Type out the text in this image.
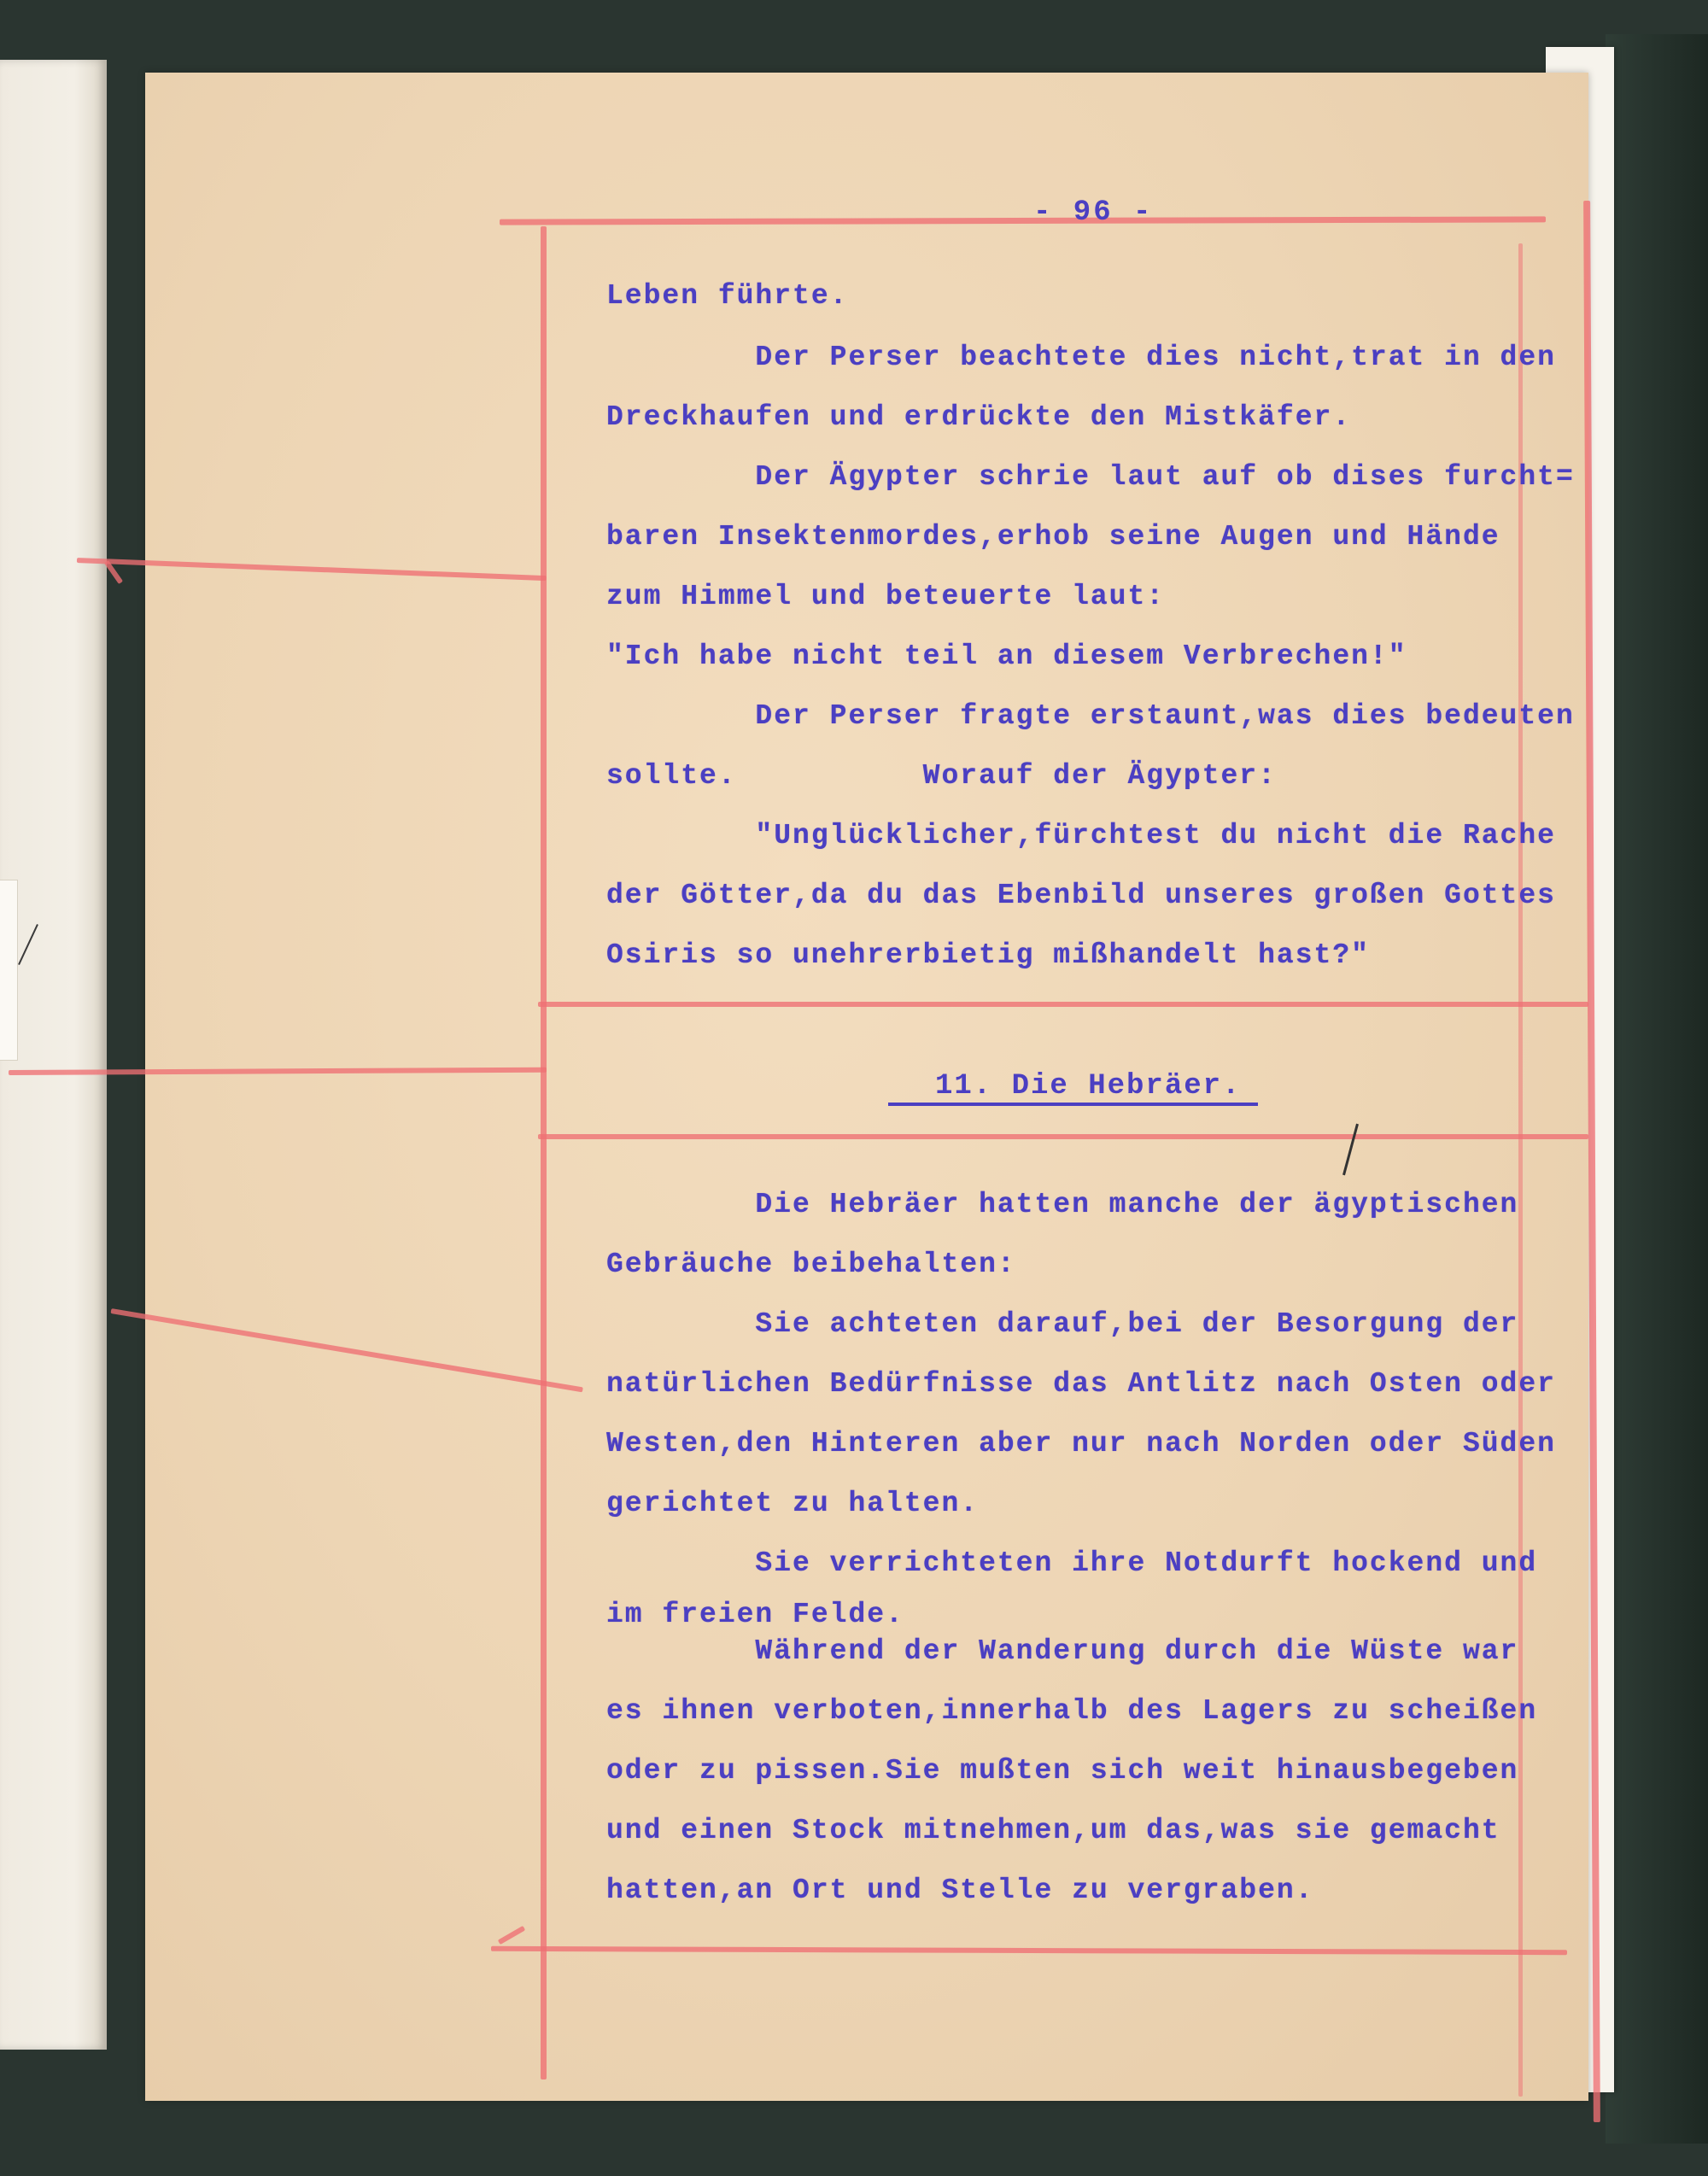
- 96 -
Leben führte.
Der Perser beachtete dies nicht,trat in den
Dreckhaufen und erdrückte den Mistkäfer.
Der Ägypter schrie laut auf ob dises furcht=
baren Insektenmordes,erhob seine Augen und Hände
zum Himmel und beteuerte laut:
"Ich habe nicht teil an diesem Verbrechen!"
Der Perser fragte erstaunt,was dies bedeuten
sollte.          Worauf der Ägypter:
"Unglücklicher,fürchtest du nicht die Rache
der Götter,da du das Ebenbild unseres großen Gottes
Osiris so unehrerbietig mißhandelt hast?"
Die Hebräer hatten manche der ägyptischen
Gebräuche beibehalten:
Sie achteten darauf,bei der Besorgung der
natürlichen Bedürfnisse das Antlitz nach Osten oder
Westen,den Hinteren aber nur nach Norden oder Süden
gerichtet zu halten.
Sie verrichteten ihre Notdurft hockend und
im freien Felde.
Während der Wanderung durch die Wüste war
es ihnen verboten,innerhalb des Lagers zu scheißen
oder zu pissen.Sie mußten sich weit hinausbegeben
und einen Stock mitnehmen,um das,was sie gemacht
hatten,an Ort und Stelle zu vergraben.
11. Die Hebräer.
